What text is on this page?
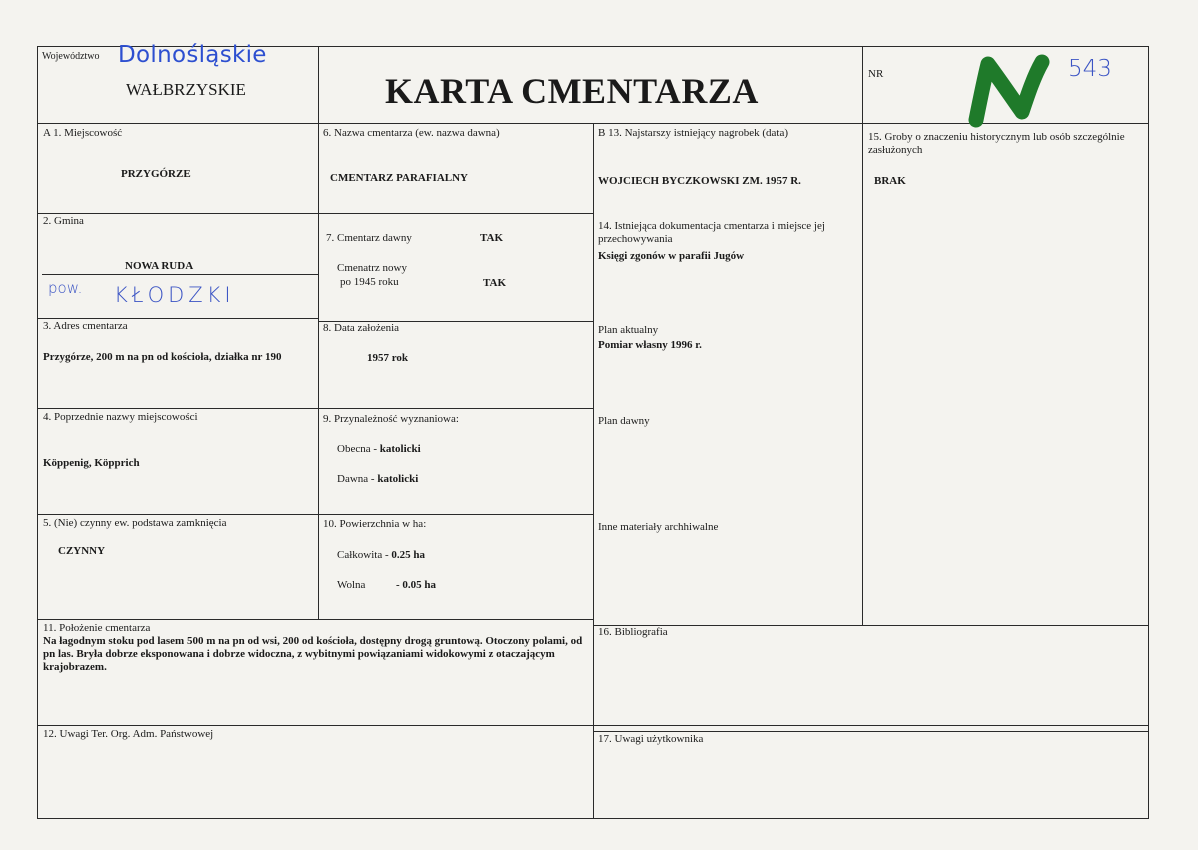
Województwo Dolnośląskie
WAŁBRZYSKIE	KARTA CMENTARZA	NR	543
A 1. Miejscowość
PRZYGÓRZE
6. Nazwa cmentarza (ew. nazwa dawna)
CMENTARZ PARAFIALNY
B 13. Najstarszy istniejący nagrobek (data)
WOJCIECH BYCZKOWSKI ZM. 1957 R.
15. Groby o znaczeniu historycznym lub osób szczególnie zasłużonych
BRAK
2. Gmina
NOWA RUDA
pow. KŁODZKI
7. Cmentarz dawny	TAK
Cmenatrz nowy
po 1945 roku	TAK
14. Istniejąca dokumentacja cmentarza i miejsce jej przechowywania
Księgi zgonów w parafii Jugów
Plan aktualny
Pomiar własny 1996 r.
Plan dawny
Inne materiały archhiwalne
3. Adres cmentarza
Przygórze, 200 m na pn od kościoła, działka nr 190
8. Data założenia
1957 rok
4. Poprzednie nazwy miejscowości
Köppenig, Köpprich
9. Przynależność wyznaniowa:
Obecna - katolicki
Dawna - katolicki
5. (Nie) czynny ew. podstawa zamknięcia
CZYNNY
10. Powierzchnia w ha:
Całkowita - 0.25 ha
Wolna	- 0.05 ha
11. Położenie cmentarza
Na łagodnym stoku pod lasem 500 m na pn od wsi, 200 od kościoła, dostępny drogą gruntową. Otoczony polami, od pn las. Bryła dobrze eksponowana i dobrze widoczna, z wybitnymi powiązaniami widokowymi z otaczającym krajobrazem.
16. Bibliografia
12. Uwagi Ter. Org. Adm. Państwowej	17. Uwagi użytkownika
